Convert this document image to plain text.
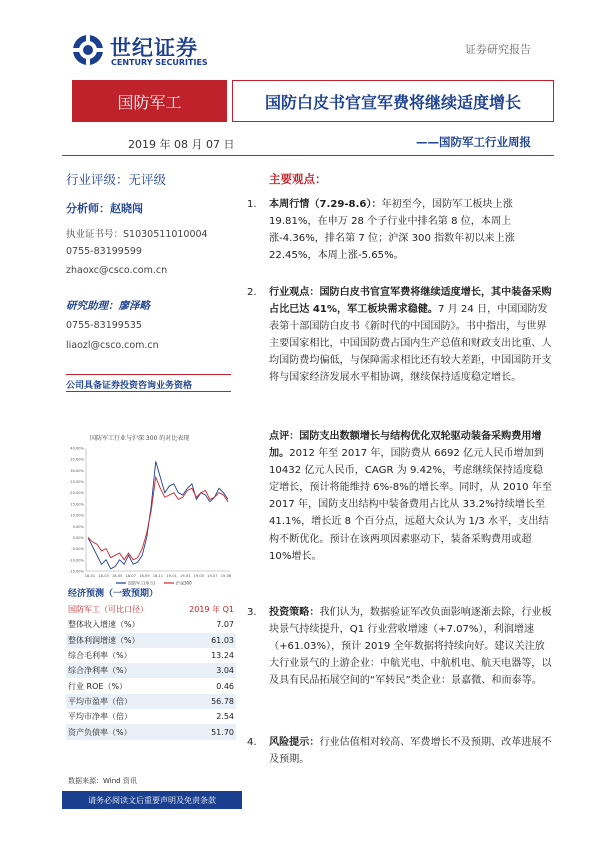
世纪证券
CENTURY SECURITIES
证券研究报告
国防军工	国防白皮书官宣军费将继续适度增长
2019 年 08 月 07 日	——国防军工行业周报
行业评级：无评级
分析师：赵晓闯
执业证书号：S1030511010004
0755-83199599
zhaoxc@csco.com.cn
研究助理：廖泽略
0755-83199535
liaozl@csco.com.cn
公司具备证券投资咨询业务资格
国防军工行业与沪深 300 的对比表现
40.00%
35.00%
30.00%
25.00%
20.00%
15.00%
10.00%
5.00%
0.00%
-5.00%
-10.00%
-15.00%
18-01 18-03 18-05 18-07 18-09 18-11 19-01 19-03 19-05 19-07 19-08
国防军工(申万)	沪深300
经济预测（一致预期）
国防军工（可比口径）	2019 年 Q1
整体收入增速（%）	7.07
整体利润增速（%）	61.03
综合毛利率（%）	13.24
综合净利率（%）	3.04
行业 ROE（%）	0.46
平均市盈率（倍）	56.78
平均市净率（倍）	2.54
资产负债率（%）	51.70
数据来源：Wind 资讯
请务必阅读文后重要声明及免责条款
主要观点：
1. 本周行情（7.29-8.6）：年初至今，国防军工板块上涨 19.81%，在申万 28 个子行业中排名第 8 位，本周上涨-4.36%，排名第 7 位；沪深 300 指数年初以来上涨 22.45%，本周上涨-5.65%。
2. 行业观点：国防白皮书官宣军费将继续适度增长，其中装备采购占比已达 41%，军工板块需求稳健。7 月 24 日，中国国防发表第十部国防白皮书《新时代的中国国防》。书中指出，与世界主要国家相比，中国国防费占国内生产总值和财政支出比重、人均国防费均偏低，与保障需求相比还有较大差距，中国国防开支将与国家经济发展水平相协调，继续保持适度稳定增长。
点评：国防支出数额增长与结构优化双轮驱动装备采购费用增加。2012 年至 2017 年，国防费从 6692 亿元人民币增加到 10432 亿元人民币，CAGR 为 9.42%，考虑继续保持适度稳定增长，预计将能维持 6%-8%的增长率。同时，从 2010 年至 2017 年，国防支出结构中装备费用占比从 33.2%持续增长至 41.1%，增长近 8 个百分点，远超大众认为 1/3 水平，支出结构不断优化。预计在该两项因素驱动下，装备采购费用或超 10%增长。
3. 投资策略：我们认为，数据验证军改负面影响逐渐去除，行业板块景气持续提升，Q1 行业营收增速（+7.07%），利润增速（+61.03%），预计 2019 全年数据将持续向好。建议关注放大行业景气的上游企业：中航光电、中航机电、航天电器等，以及具有民品拓展空间的“军转民”类企业：景嘉微、和而泰等。
4. 风险提示：行业估值相对较高、军费增长不及预期、改革进展不及预期。
